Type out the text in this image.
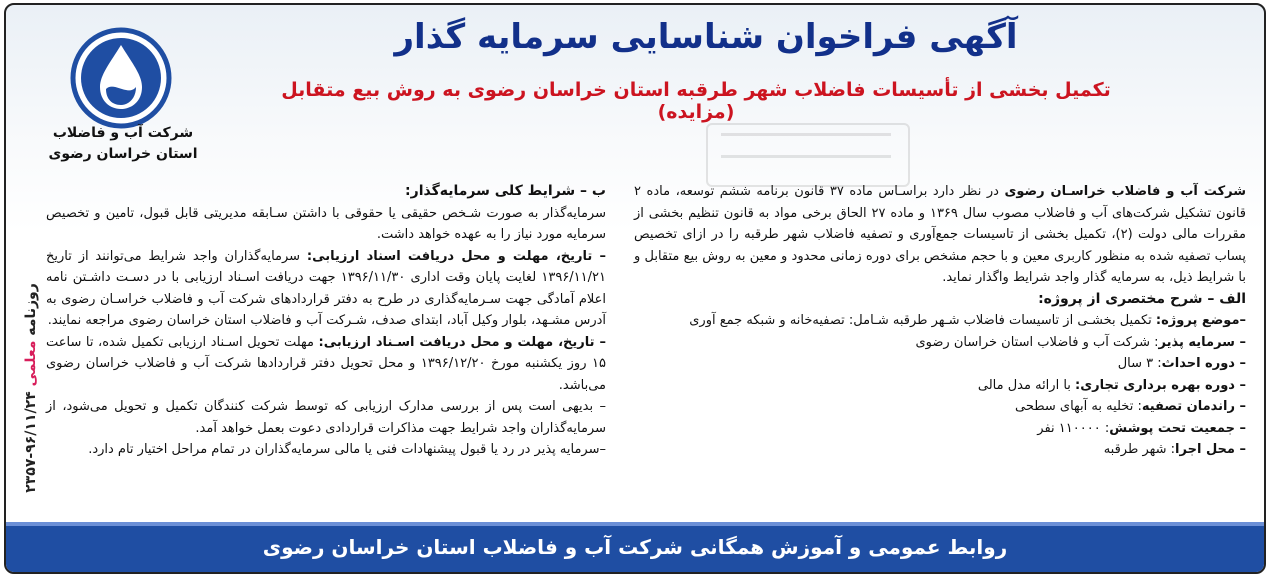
شرکت آب و فاضلاب
استان خراسان رضوی
آگهی فراخوان شناسایی سرمایه گذار
تکمیل بخشی از تأسیسات فاضلاب شهر طرقبه استان خراسان رضوی به روش بیع متقابل (مزایده)

شرکت آب و فاضلاب خراسـان رضوی در نظر دارد براسـاس ماده ۳۷ قانون برنامه ششم توسعه، ماده ۲ قانون تشکیل شرکت‌های آب و فاضلاب مصوب سال ۱۳۶۹ و ماده ۲۷ الحاق برخی مواد به قانون تنظیم بخشی از مقررات مالی دولت (۲)، تکمیل بخشی از تاسیسات جمع‌آوری و تصفیه فاضلاب شهر طرقبه را در ازای تخصیص پساب تصفیه شده به منظور کاربری معین و با حجم مشخص برای دوره زمانی محدود و معین به روش بیع متقابل و با شرایط ذیل، به سرمایه گذار واجد شرایط واگذار نماید.

الف – شرح مختصری از پروژه:

–موضع پروژه: تکمیل بخشـی از تاسیسات فاضلاب شـهر طرقبه شـامل: تصفیه‌خانه و شبکه جمع آوری

– سرمایه پذیر: شرکت آب و فاضلاب استان خراسان رضوی

– دوره احداث: ۳ سال

– دوره بهره برداری تجاری: با ارائه مدل مالی

– راندمان تصفیه: تخلیه به آبهای سطحی

– جمعیت تحت پوشش: ۱۱۰۰۰۰ نفر

– محل اجرا: شهر طرقبه

ب – شرایط کلی سرمایه‌گذار:

سرمایه‌گذار به صورت شـخص حقیقی یا حقوقی با داشتن سـابقه مدیریتی قابل قبول، تامین و تخصیص سرمایه مورد نیاز را به عهده خواهد داشت.

– تاریخ، مهلت و محل دریافت اسناد ارزیابی: سرمایه‌گذاران واجد شرایط می‌توانند از تاریخ ۱۳۹۶/۱۱/۲۱ لغایت پایان وقت اداری ۱۳۹۶/۱۱/۳۰ جهت دریافت اسـناد ارزیابی با در دسـت داشـتن نامه اعلام آمادگی جهت سـرمایه‌گذاری در طرح به دفتر قراردادهای شرکت آب و فاضلاب خراسـان رضوی به آدرس مشـهد، بلوار وکیل آباد، ابتدای صدف، شـرکت آب و فاضلاب استان خراسان رضوی مراجعه نمایند.

– تاریخ، مهلت و محل دریافت اسـناد ارزیابی: مهلت تحویل اسـناد ارزیابی تکمیل شده، تا ساعت ۱۵ روز یکشنبه مورخ ۱۳۹۶/۱۲/۲۰ و محل تحویل دفتر قراردادها شرکت آب و فاضلاب خراسان رضوی می‌باشد.

– بدیهی است پس از بررسی مدارک ارزیابی که توسط شرکت کنندگان تکمیل و تحویل می‌شود، از سرمایه‌گذاران واجد شرایط جهت مذاکرات قراردادی دعوت بعمل خواهد آمد.

–سرمایه پذیر در رد یا قبول پیشنهادات فنی یا مالی سرمایه‌گذاران در تمام مراحل اختیار تام دارد.

روابط عمومی و آموزش همگانی شرکت آب و فاضلاب استان خراسان رضوی
روزنامه معلمی ۹۶/۱۱/۲۴-۲۳۵۷
